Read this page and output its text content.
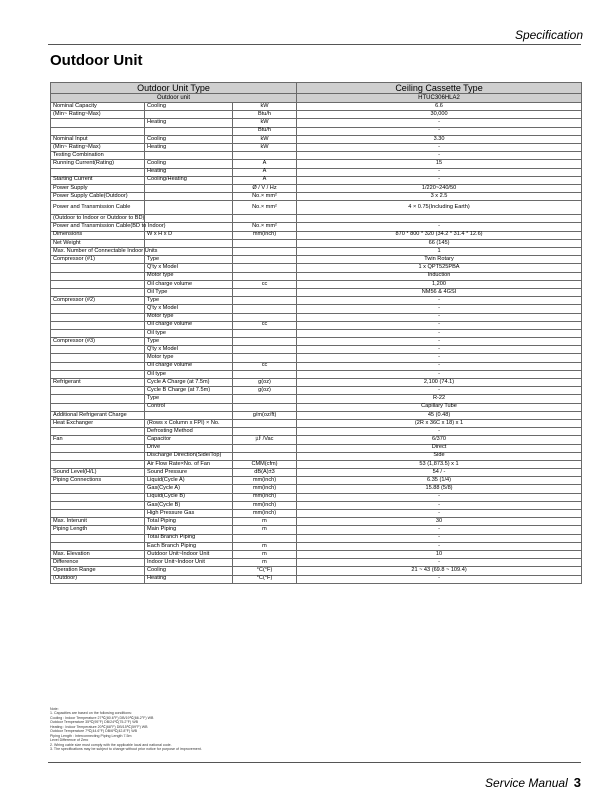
Specification
Outdoor Unit
Outdoor Unit Type			Ceiling Cassette Type
Outdoor unit			HTUC306HLA2
Nominal Capacity	Cooling	kW	6.6
(Min~ Rating~Max)		Btu/h	30,000
	Heating	kW	-
		Btu/h	-
Nominal Input	Cooling	kW	3.30
(Min~ Rating~Max)	Heating	kW	-
Testing Combination			-
Running Current(Rating)	Cooling	A	15
	Heating	A	-
Starting Current	Cooling/Heating	A	-
Power Supply		Ø / V / Hz	1/220~240/50
Power Supply Cable(Outdoor)		No.× mm²	3 x 2.5
Power and Transmission Cable		No.× mm²	4 × 0.75(Including Earth)
(Outdoor to Indoor or Outdoor to BD)			
Power and Transmission Cable(BD to Indoor)		No.× mm²	-
Dimensions	W x H x D	mm(inch)	870 * 800 * 320 (34.2 * 31.4 * 12.6)
Net Weight			66 (145)
Max. Number of Connectable Indoor Units			1
Compressor (#1)	Type		Twin Rotary
	Q'ty x Model		1 x QPT525PBA
	Motor type		Induction
	Oil charge volume	cc	1,200
	Oil Type		NM56 & 4GSI
Compressor (#2)	Type		-
	Q'ty x Model		-
	Motor type		-
	Oil charge volume	cc	-
	Oil type		-
Compressor (#3)	Type		-
	Q'ty x Model		-
	Motor type		-
	Oil charge volume	cc	-
	Oil type		-
Refrigerant	Cycle A Charge (at 7.5m)	g(oz)	2,100 (74.1)
	Cycle B Charge (at 7.5m)	g(oz)	-
	Type		R-22
	Control		Capillary Tube
Additional Refrigerant Charge		g/m(oz/ft)	45 (0.48)
Heat Exchanger	(Rows x Column x FPI) × No.		(2R x 36C x 18) x 1
	Defrosting Method		-
Fan	Capacitor	㎌ /Vac	6/370
	Drive		Direct
	Discharge Direction(Side/Top)		Side
	Air Flow Rate×No. of Fan	CMM(cfm)	53 (1,873.5) x 1
Sound Level(H/L)	Sound Pressure	dB(A)±3	54 / -
Piping Connections	Liquid(Cycle A)	mm(inch)	6.35 (1/4)
	Gas(Cycle A)	mm(inch)	15.88 (5/8)
	Liquid(Cycle B)	mm(inch)	-
	Gas(Cycle B)	mm(inch)	-
	High Pressure Gas	mm(inch)	-
Max. Interunit	Total Piping	m	30
Piping Length	Main Piping	m	-
	Total Branch Piping		-
	Each Branch Piping	m	-
Max. Elevation	Outdoor Unit~Indoor Unit	m	10
Difference	Indoor Unit~Indoor Unit	m	-
Operation Range	Cooling	°C(°F)	21 ~ 43 (69.8 ~ 109.4)
(Outdoor)	Heating	°C(°F)	-
Note:
1. Capacities are based on the following conditions:
Cooling : Indoor Temperature 27℃(80.6°F) DB/19℃(66.2°F) WB
Outdoor Temperature 35℃(95°F) DB/24℃(75.2°F) WB
Heating : Indoor Temperature 20℃(68°F) DB/15℃(59°F) WB
Outdoor Temperature 7℃(44.6°F) DB/6℃(42.8°F) WB
Piping Length : Interconnecting Piping Length 7.5m
Level Difference of Zero
2. Wiring cable size must comply with the applicable local and national code.
3. The specifications may be subject to change without prior notice for purpose of improvement.
Service Manual 3
